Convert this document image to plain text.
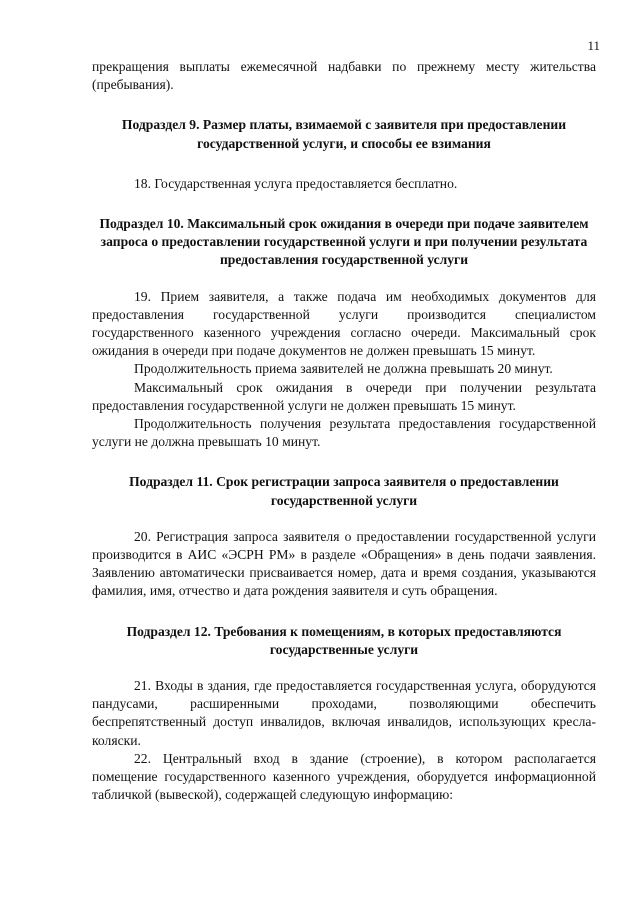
11

прекращения выплаты ежемесячной надбавки по прежнему месту жительства (пребывания).

Подраздел 9. Размер платы, взимаемой с заявителя при предоставлении государственной услуги, и способы ее взимания

18. Государственная услуга предоставляется бесплатно.

Подраздел 10. Максимальный срок ожидания в очереди при подаче заявителем запроса о предоставлении государственной услуги и при получении результата предоставления государственной услуги

19. Прием заявителя, а также подача им необходимых документов для предоставления государственной услуги производится специалистом государственного казенного учреждения согласно очереди. Максимальный срок ожидания в очереди при подаче документов не должен превышать 15 минут.

Продолжительность приема заявителей не должна превышать 20 минут.

Максимальный срок ожидания в очереди при получении результата предоставления государственной услуги не должен превышать 15 минут.

Продолжительность получения результата предоставления государственной услуги не должна превышать 10 минут.

Подраздел 11. Срок регистрации запроса заявителя о предоставлении государственной услуги

20. Регистрация запроса заявителя о предоставлении государственной услуги производится в АИС «ЭСРН РМ» в разделе «Обращения» в день подачи заявления. Заявлению автоматически присваивается номер, дата и время создания, указываются фамилия, имя, отчество и дата рождения заявителя и суть обращения.

Подраздел 12. Требования к помещениям, в которых предоставляются государственные услуги

21. Входы в здания, где предоставляется государственная услуга, оборудуются пандусами, расширенными проходами, позволяющими обеспечить беспрепятственный доступ инвалидов, включая инвалидов, использующих кресла-коляски.

22. Центральный вход в здание (строение), в котором располагается помещение государственного казенного учреждения, оборудуется информационной табличкой (вывеской), содержащей следующую информацию:
